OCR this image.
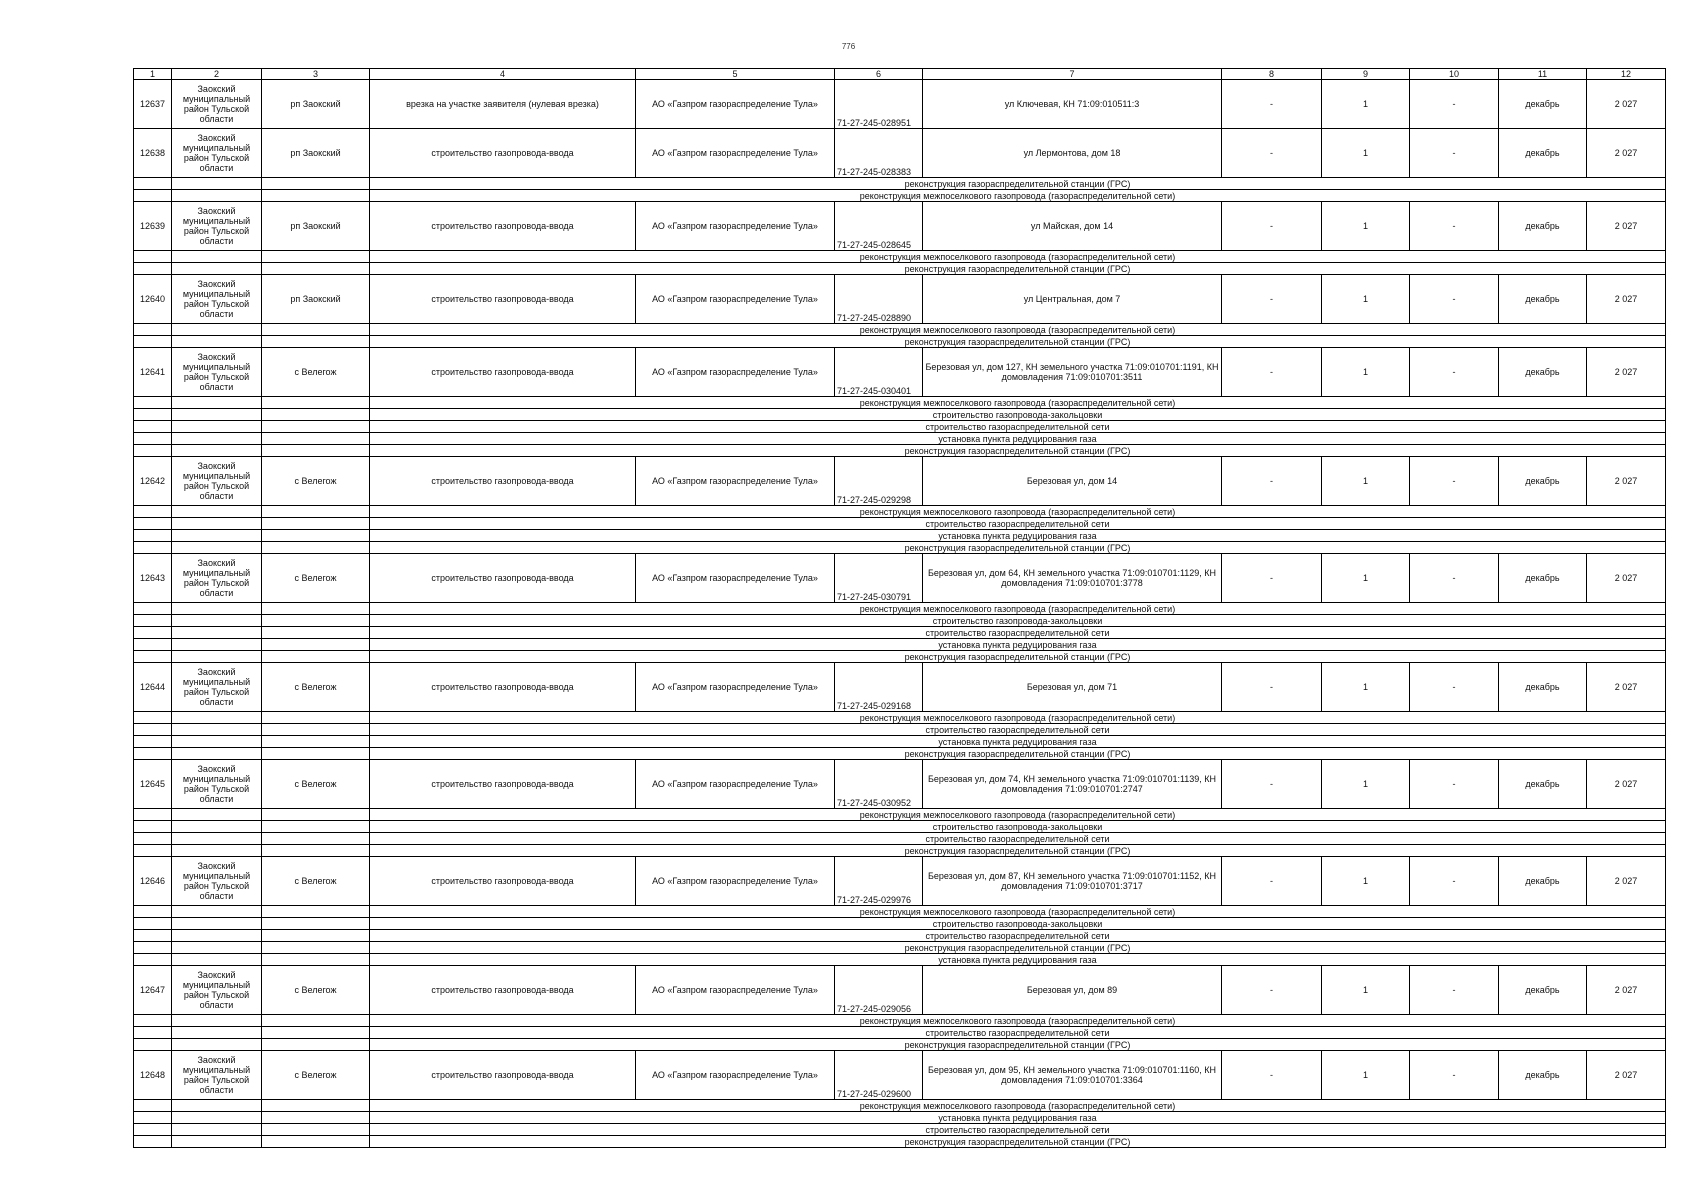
776
1	2	3	4	5	6	7	8	9	10	11	12
12637	Заокский муниципальный район Тульской области	рп Заокский	врезка на участке заявителя (нулевая врезка)	АО «Газпром газораспределение Тула»	71-27-245-028951	ул Ключевая, КН 71:09:010511:3	-	1	-	декабрь	2 027
12638	Заокский муниципальный район Тульской области	рп Заокский	строительство газопровода-ввода	АО «Газпром газораспределение Тула»	71-27-245-028383	ул Лермонтова, дом 18	-	1	-	декабрь	2 027
			реконструкция газораспределительной станции (ГРС)								
			реконструкция межпоселкового газопровода (газораспределительной сети)								
12639	Заокский муниципальный район Тульской области	рп Заокский	строительство газопровода-ввода	АО «Газпром газораспределение Тула»	71-27-245-028645	ул Майская, дом 14	-	1	-	декабрь	2 027
			реконструкция межпоселкового газопровода (газораспределительной сети)								
			реконструкция газораспределительной станции (ГРС)								
12640	Заокский муниципальный район Тульской области	рп Заокский	строительство газопровода-ввода	АО «Газпром газораспределение Тула»	71-27-245-028890	ул Центральная, дом 7	-	1	-	декабрь	2 027
			реконструкция межпоселкового газопровода (газораспределительной сети)								
			реконструкция газораспределительной станции (ГРС)								
12641	Заокский муниципальный район Тульской области	с Велегож	строительство газопровода-ввода	АО «Газпром газораспределение Тула»	71-27-245-030401	Березовая ул, дом 127, КН земельного участка 71:09:010701:1191, КН домовладения 71:09:010701:3511	-	1	-	декабрь	2 027
			реконструкция межпоселкового газопровода (газораспределительной сети)								
			строительство газопровода-закольцовки								
			строительство газораспределительной сети								
			установка пункта редуцирования газа								
			реконструкция газораспределительной станции (ГРС)								
12642	Заокский муниципальный район Тульской области	с Велегож	строительство газопровода-ввода	АО «Газпром газораспределение Тула»	71-27-245-029298	Березовая ул, дом 14	-	1	-	декабрь	2 027
			реконструкция межпоселкового газопровода (газораспределительной сети)								
			строительство газораспределительной сети								
			установка пункта редуцирования газа								
			реконструкция газораспределительной станции (ГРС)								
12643	Заокский муниципальный район Тульской области	с Велегож	строительство газопровода-ввода	АО «Газпром газораспределение Тула»	71-27-245-030791	Березовая ул, дом 64, КН земельного участка 71:09:010701:1129, КН домовладения 71:09:010701:3778	-	1	-	декабрь	2 027
			реконструкция межпоселкового газопровода (газораспределительной сети)								
			строительство газопровода-закольцовки								
			строительство газораспределительной сети								
			установка пункта редуцирования газа								
			реконструкция газораспределительной станции (ГРС)								
12644	Заокский муниципальный район Тульской области	с Велегож	строительство газопровода-ввода	АО «Газпром газораспределение Тула»	71-27-245-029168	Березовая ул, дом 71	-	1	-	декабрь	2 027
			реконструкция межпоселкового газопровода (газораспределительной сети)								
			строительство газораспределительной сети								
			установка пункта редуцирования газа								
			реконструкция газораспределительной станции (ГРС)								
12645	Заокский муниципальный район Тульской области	с Велегож	строительство газопровода-ввода	АО «Газпром газораспределение Тула»	71-27-245-030952	Березовая ул, дом 74, КН земельного участка 71:09:010701:1139, КН домовладения 71:09:010701:2747	-	1	-	декабрь	2 027
			реконструкция межпоселкового газопровода (газораспределительной сети)								
			строительство газопровода-закольцовки								
			строительство газораспределительной сети								
			реконструкция газораспределительной станции (ГРС)								
12646	Заокский муниципальный район Тульской области	с Велегож	строительство газопровода-ввода	АО «Газпром газораспределение Тула»	71-27-245-029976	Березовая ул, дом 87, КН земельного участка 71:09:010701:1152, КН домовладения 71:09:010701:3717	-	1	-	декабрь	2 027
			реконструкция межпоселкового газопровода (газораспределительной сети)								
			строительство газопровода-закольцовки								
			строительство газораспределительной сети								
			реконструкция газораспределительной станции (ГРС)								
			установка пункта редуцирования газа								
12647	Заокский муниципальный район Тульской области	с Велегож	строительство газопровода-ввода	АО «Газпром газораспределение Тула»	71-27-245-029056	Березовая ул, дом 89	-	1	-	декабрь	2 027
			реконструкция межпоселкового газопровода (газораспределительной сети)								
			строительство газораспределительной сети								
			реконструкция газораспределительной станции (ГРС)								
12648	Заокский муниципальный район Тульской области	с Велегож	строительство газопровода-ввода	АО «Газпром газораспределение Тула»	71-27-245-029600	Березовая ул, дом 95, КН земельного участка 71:09:010701:1160, КН домовладения 71:09:010701:3364	-	1	-	декабрь	2 027
			реконструкция межпоселкового газопровода (газораспределительной сети)								
			установка пункта редуцирования газа								
			строительство газораспределительной сети								
			реконструкция газораспределительной станции (ГРС)								
